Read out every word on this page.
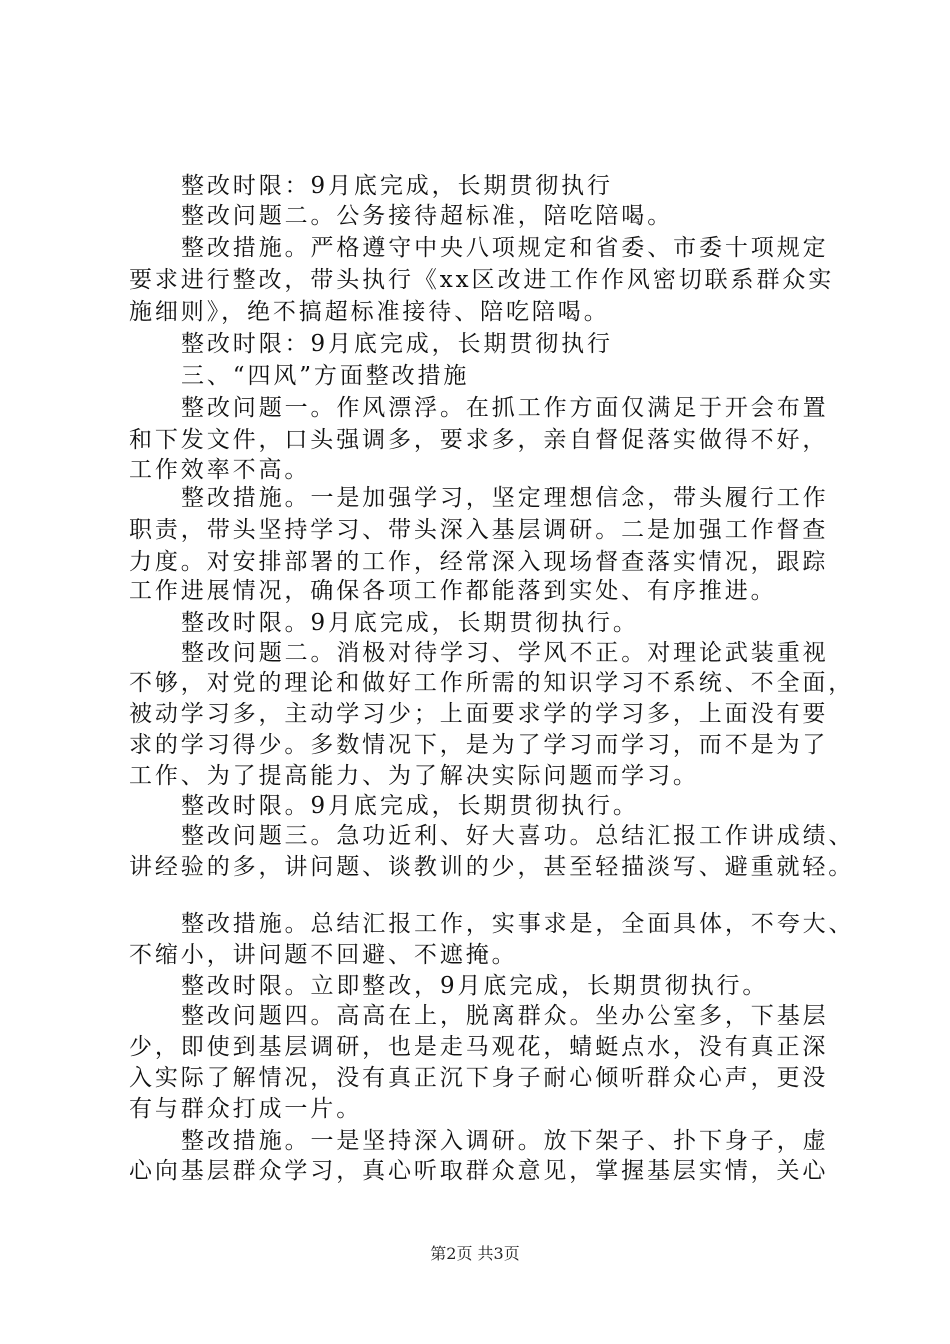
整改时限：9月底完成，长期贯彻执行
整改问题二。公务接待超标准，陪吃陪喝。
整改措施。严格遵守中央八项规定和省委、市委十项规定
要求进行整改，带头执行《xx区改进工作作风密切联系群众实
施细则》，绝不搞超标准接待、陪吃陪喝。
整改时限：9月底完成，长期贯彻执行
三、“四风”方面整改措施
整改问题一。作风漂浮。在抓工作方面仅满足于开会布置
和下发文件，口头强调多，要求多，亲自督促落实做得不好，
工作效率不高。
整改措施。一是加强学习，坚定理想信念，带头履行工作
职责，带头坚持学习、带头深入基层调研。二是加强工作督查
力度。对安排部署的工作，经常深入现场督查落实情况，跟踪
工作进展情况，确保各项工作都能落到实处、有序推进。
整改时限。9月底完成，长期贯彻执行。
整改问题二。消极对待学习、学风不正。对理论武装重视
不够，对党的理论和做好工作所需的知识学习不系统、不全面，
被动学习多，主动学习少；上面要求学的学习多，上面没有要
求的学习得少。多数情况下，是为了学习而学习，而不是为了
工作、为了提高能力、为了解决实际问题而学习。
整改时限。9月底完成，长期贯彻执行。
整改问题三。急功近利、好大喜功。总结汇报工作讲成绩、
讲经验的多，讲问题、谈教训的少，甚至轻描淡写、避重就轻。
整改措施。总结汇报工作，实事求是，全面具体，不夸大、
不缩小，讲问题不回避、不遮掩。
整改时限。立即整改，9月底完成，长期贯彻执行。
整改问题四。高高在上，脱离群众。坐办公室多，下基层
少，即使到基层调研，也是走马观花，蜻蜓点水，没有真正深
入实际了解情况，没有真正沉下身子耐心倾听群众心声，更没
有与群众打成一片。
整改措施。一是坚持深入调研。放下架子、扑下身子，虚
心向基层群众学习，真心听取群众意见，掌握基层实情，关心
第2页 共3页
